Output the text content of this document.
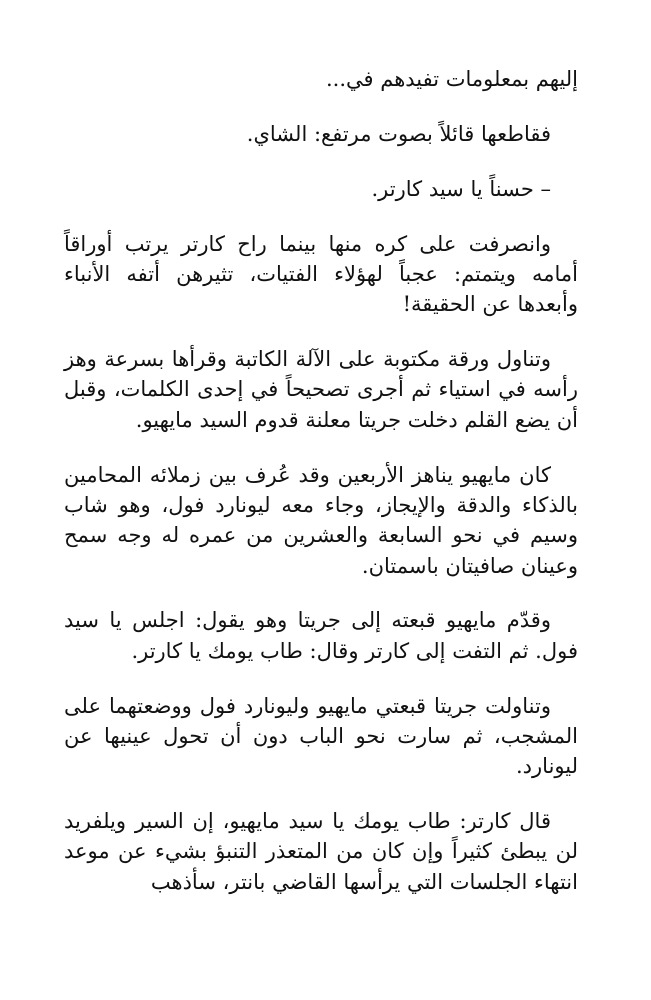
إليهم بمعلومات تفيدهم في...

فقاطعها قائلاً بصوت مرتفع: الشاي.

– حسناً يا سيد كارتر.

وانصرفت على كره منها بينما راح كارتر يرتب أوراقاً أمامه ويتمتم: عجباً لهؤلاء الفتيات، تثيرهن أتفه الأنباء وأبعدها عن الحقيقة!

وتناول ورقة مكتوبة على الآلة الكاتبة وقرأها بسرعة وهز رأسه في استياء ثم أجرى تصحيحاً في إحدى الكلمات، وقبل أن يضع القلم دخلت جريتا معلنة قدوم السيد مايهيو.

كان مايهيو يناهز الأربعين وقد عُرف بين زملائه المحامين بالذكاء والدقة والإيجاز، وجاء معه ليونارد فول، وهو شاب وسيم في نحو السابعة والعشرين من عمره له وجه سمح وعينان صافيتان باسمتان.

وقدّم مايهيو قبعته إلى جريتا وهو يقول: اجلس يا سيد فول. ثم التفت إلى كارتر وقال: طاب يومك يا كارتر.

وتناولت جريتا قبعتي مايهيو وليونارد فول ووضعتهما على المشجب، ثم سارت نحو الباب دون أن تحول عينيها عن ليونارد.

قال كارتر: طاب يومك يا سيد مايهيو، إن السير ويلفريد لن يبطئ كثيراً وإن كان من المتعذر التنبؤ بشيء عن موعد انتهاء الجلسات التي يرأسها القاضي بانتر، سأذهب
